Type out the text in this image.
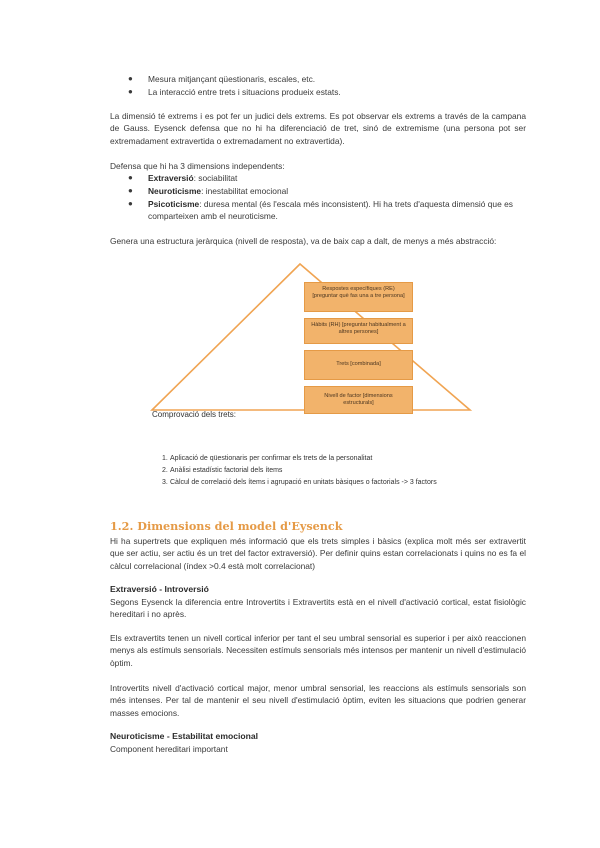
● Mesura mitjançant qüestionaris, escales, etc.
● La interacció entre trets i situacions produeix estats.

La dimensió té extrems i es pot fer un judici dels extrems. Es pot observar els extrems a través de la campana de Gauss. Eysenck defensa que no hi ha diferenciació de tret, sinó de extremisme (una persona pot ser extremadament extravertida o extremadament no extravertida).

Defensa que hi ha 3 dimensions independents:

● Extraversió: sociabilitat
● Neuroticisme: inestabilitat emocional
● Psicoticisme: duresa mental (és l'escala més inconsistent). Hi ha trets d'aquesta dimensió que es comparteixen amb el neuroticisme.

Genera una estructura jeràrquica (nivell de resposta), va de baix cap a dalt, de menys a més abstracció:

Respostes específiques (RE) [preguntar què fas una a tre persona]
Hàbits (RH) [preguntar habitualment a altres persones]
Trets [combinada]
Nivell de factor [dimensions estructurals]
Comprovació dels trets:
1. Aplicació de qüestionaris per confirmar els trets de la personalitat
2. Anàlisi estadístic factorial dels ítems
3. Càlcul de correlació dels ítems i agrupació en unitats bàsiques o factorials -> 3 factors
1.2. Dimensions del model d'Eysenck

Hi ha supertrets que expliquen més informació que els trets simples i bàsics (explica molt més ser extravertit que ser actiu, ser actiu és un tret del factor extraversió). Per definir quins estan correlacionats i quins no es fa el càlcul correlacional (índex >0.4 està molt correlacionat)

Extraversió - Introversió

Segons Eysenck la diferencia entre Introvertits i Extravertits està en el nivell d'activació cortical, estat fisiològic hereditari i no après.

Els extravertits tenen un nivell cortical inferior per tant el seu umbral sensorial es superior i per això reaccionen menys als estímuls sensorials. Necessiten estímuls sensorials més intensos per mantenir un nivell d'estimulació òptim.

Introvertits nivell d'activació cortical major, menor umbral sensorial, les reaccions als estímuls sensorials son més intenses. Per tal de mantenir el seu nivell d'estimulació òptim, eviten les situacions que podrien generar masses emocions.

Neuroticisme - Estabilitat emocional

Component hereditari important
